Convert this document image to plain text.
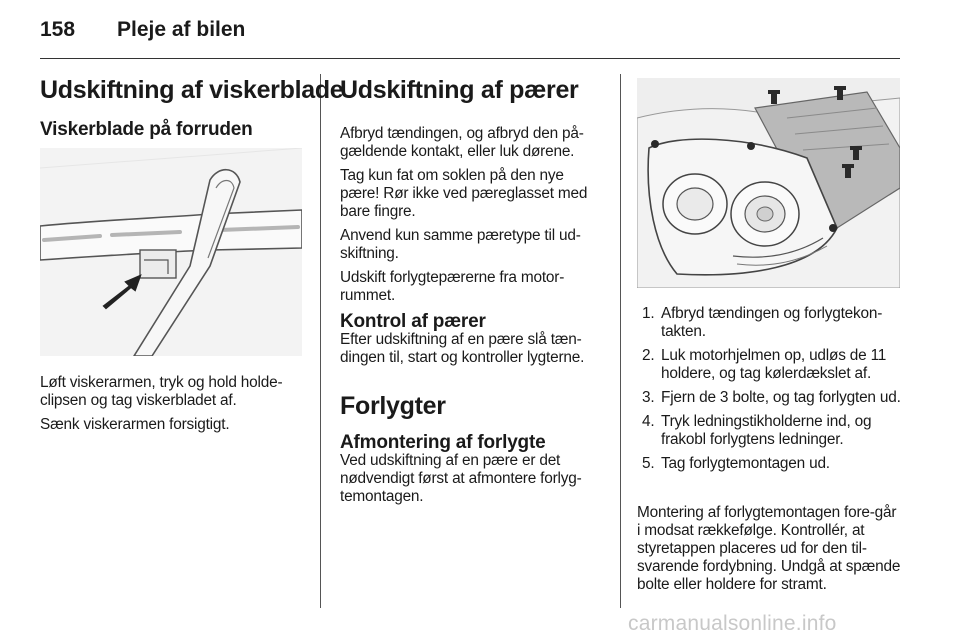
158 Pleje af bilen
Udskiftning af viskerblade
Viskerblade på forruden

Løft viskerarmen, tryk og hold holde-clipsen og tag viskerbladet af.

Sænk viskerarmen forsigtigt.

Udskiftning af pærer

Afbryd tændingen, og afbryd den på-gældende kontakt, eller luk dørene.

Tag kun fat om soklen på den nye pære! Rør ikke ved pæreglasset med bare fingre.

Anvend kun samme pæretype til ud-skiftning.

Udskift forlygtepærerne fra motor-rummet.

Kontrol af pærer
Efter udskiftning af en pære slå tæn-dingen til, start og kontroller lygterne.
Forlygter
Afmontering af forlygte
Ved udskiftning af en pære er det nødvendigt først at afmontere forlyg-temontagen.
1. Afbryd tændingen og forlygtekon-takten.
2. Luk motorhjelmen op, udløs de 11 holdere, og tag kølerdækslet af.
3. Fjern de 3 bolte, og tag forlygten ud.
4. Tryk ledningstikholderne ind, og frakobl forlygtens ledninger.
5. Tag forlygtemontagen ud.
Montering af forlygtemontagen fore-går i modsat rækkefølge. Kontrollér, at styretappen placeres ud for den til-svarende fordybning. Undgå at spænde bolte eller holdere for stramt.
carmanualsonline.info
